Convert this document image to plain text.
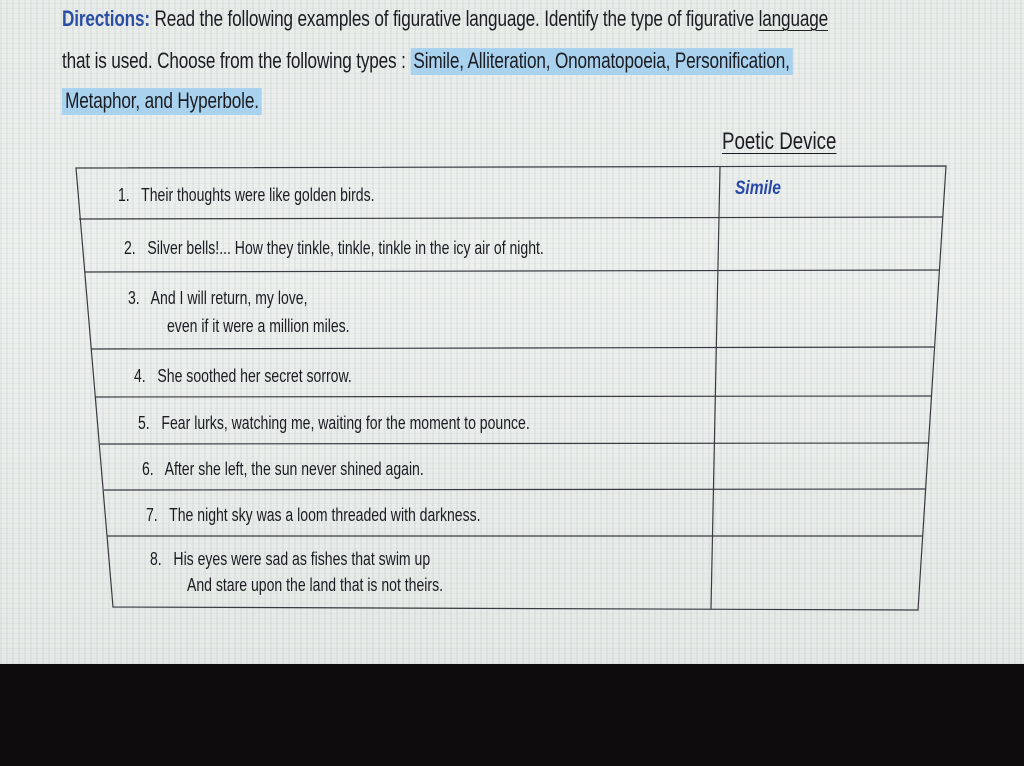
Directions: Read the following examples of figurative language. Identify the type of figurative language
that is used. Choose from the following types : Simile, Alliteration, Onomatopoeia, Personification,
Metaphor, and Hyperbole.
Poetic Device
1. Their thoughts were like golden birds.	Simile
2. Silver bells!... How they tinkle, tinkle, tinkle in the icy air of night.
3. And I will return, my love,
even if it were a million miles.
4. She soothed her secret sorrow.
5. Fear lurks, watching me, waiting for the moment to pounce.
6. After she left, the sun never shined again.
7. The night sky was a loom threaded with darkness.
8. His eyes were sad as fishes that swim up
And stare upon the land that is not theirs.
